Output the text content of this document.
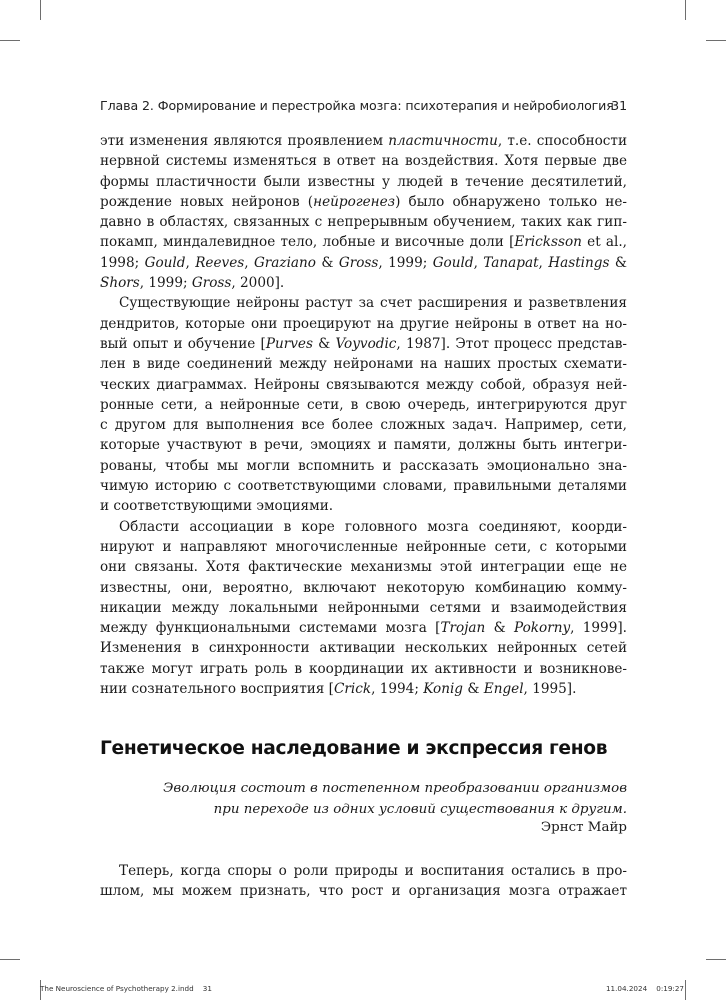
Глава 2. Формирование и перестройка мозга: психотерапия и нейробиология
31
эти изменения являются проявлением пластичности, т.е. способности
нервной системы изменяться в ответ на воздействия. Хотя первые две
формы пластичности были известны у людей в течение десятилетий,
рождение новых нейронов (нейрогенез) было обнаружено только не-
давно в областях, связанных с непрерывным обучением, таких как гип-
покамп, миндалевидное тело, лобные и височные доли [Ericksson et al.,
1998; Gould, Reeves, Graziano & Gross, 1999; Gould, Tanapat, Hastings &
Shors, 1999; Gross, 2000].
Существующие нейроны растут за счет расширения и разветвления
дендритов, которые они проецируют на другие нейроны в ответ на но-
вый опыт и обучение [Purves & Voyvodic, 1987]. Этот процесс представ-
лен в виде соединений между нейронами на наших простых схемати-
ческих диаграммах. Нейроны связываются между собой, образуя ней-
ронные сети, а нейронные сети, в свою очередь, интегрируются друг
с другом для выполнения все более сложных задач. Например, сети,
которые участвуют в речи, эмоциях и памяти, должны быть интегри-
рованы, чтобы мы могли вспомнить и рассказать эмоционально зна-
чимую историю с соответствующими словами, правильными деталями
и соответствующими эмоциями.
Области ассоциации в коре головного мозга соединяют, коорди-
нируют и направляют многочисленные нейронные сети, с которыми
они связаны. Хотя фактические механизмы этой интеграции еще не
известны, они, вероятно, включают некоторую комбинацию комму-
никации между локальными нейронными сетями и взаимодействия
между функциональными системами мозга [Trojan & Pokorny, 1999].
Изменения в синхронности активации нескольких нейронных сетей
также могут играть роль в координации их активности и возникнове-
нии сознательного восприятия [Crick, 1994; Konig & Engel, 1995].
Генетическое наследование и экспрессия генов
Эволюция состоит в постепенном преобразовании организмов
при переходе из одних условий существования к другим.
Эрнст Майр
Теперь, когда споры о роли природы и воспитания остались в про-
шлом, мы можем признать, что рост и организация мозга отражает
The Neuroscience of Psychotherapy 2.indd 31	11.04.2024 0:19:27
